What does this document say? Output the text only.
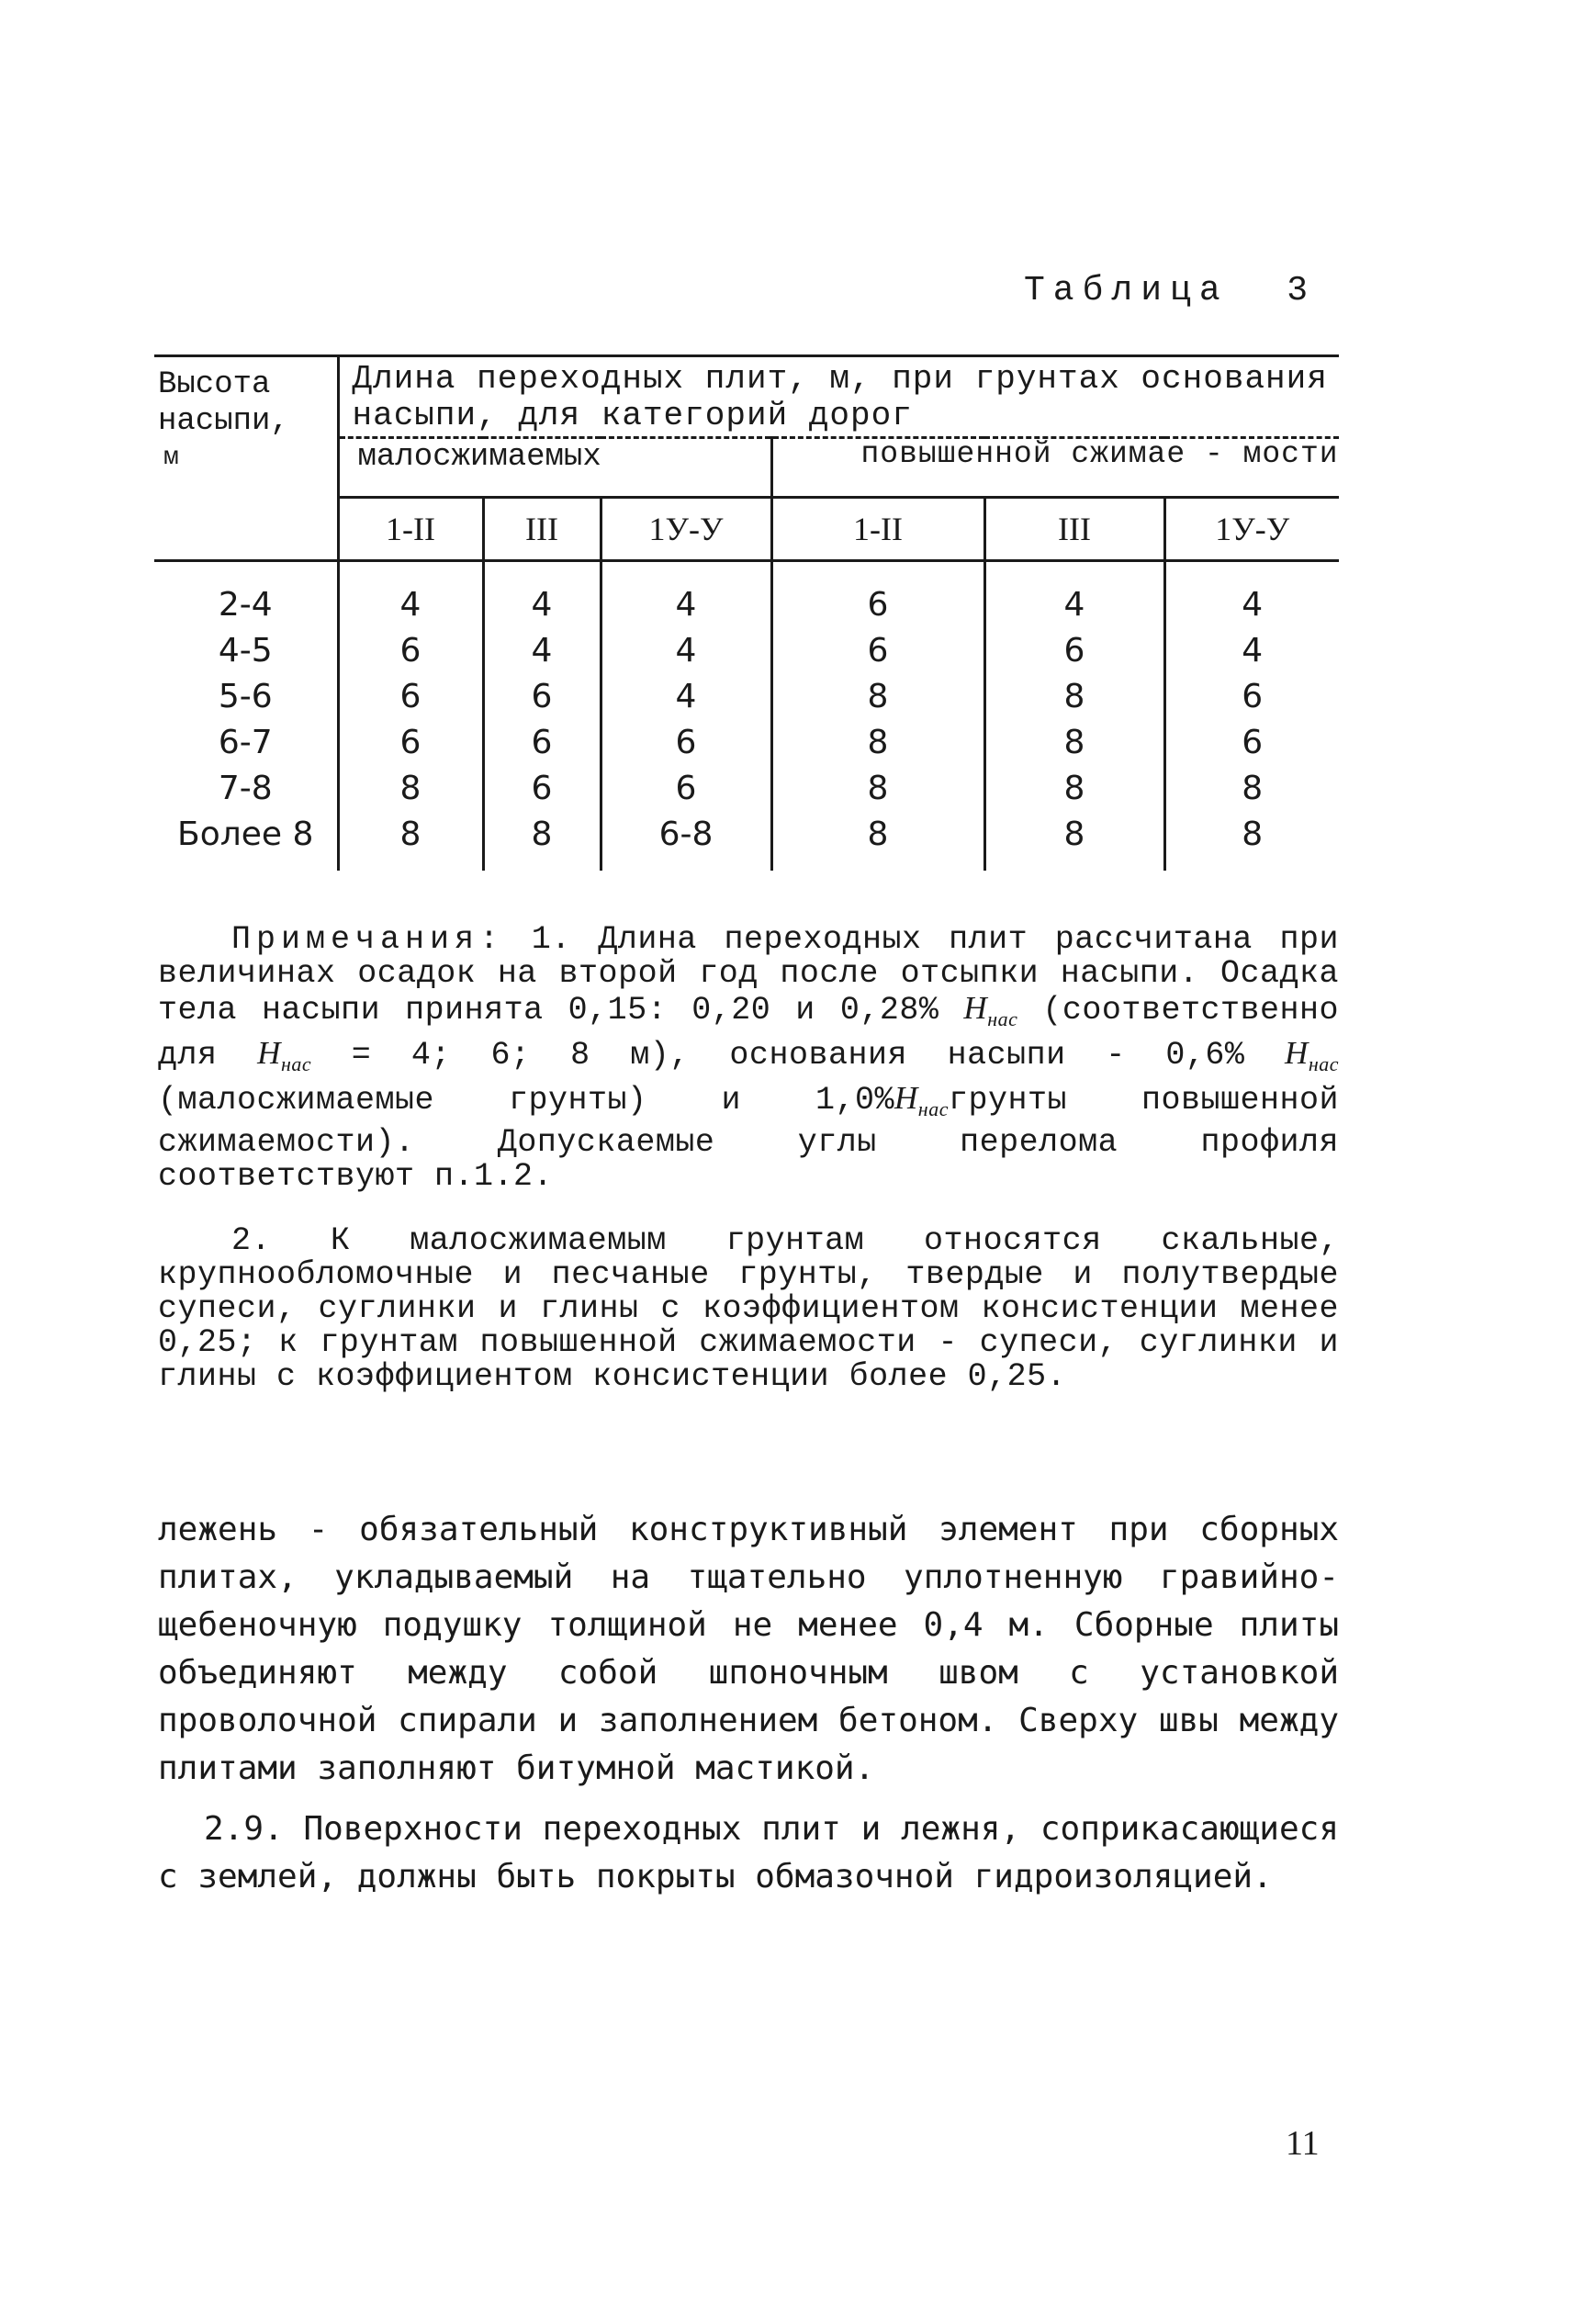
Таблица 3
Высота
насыпи,
м	Длина переходных плит, м, при грунтах основания насыпи, для категорий дорог					
	малосжимаемых			повышенной сжимае - мости		
	1-II	III	1У-У	1-II	III	1У-У
2-4	4	4	4	6	4	4
4-5	6	4	4	6	6	4
5-6	6	6	4	8	8	6
6-7	6	6	6	8	8	6
7-8	8	6	6	8	8	8
Более 8	8	8	6-8	8	8	8

Примечания: 1. Длина переходных плит рассчитана при величинах осадок на второй год после отсыпки насыпи. Осадка тела насыпи принята 0,15: 0,20 и 0,28% $H_{нас}$ (соответственно для $H_{нас} = 4$; 6; 8 м), основания насыпи - 0,6% $H_{нас}$ (малосжимаемые грунты) и $1,0\%H_{нас}грунты$ повышенной сжимаемости). Допускаемые углы перелома профиля соответствуют п.1.2.

2. К малосжимаемым грунтам относятся скальные, крупнообломочные и песчаные грунты, твердые и полутвердые супеси, суглинки и глины с коэффициентом консистенции менее 0,25; к грунтам повышенной сжимаемости - супеси, суглинки и глины с коэффициентом консистенции более 0,25.

лежень - обязательный конструктивный элемент при сборных плитах, укладываемый на тщательно уплотненную гравийно-щебеночную подушку толщиной не менее 0,4 м. Сборные плиты объединяют между собой шпоночным швом с установкой проволочной спирали и заполнением бетоном. Сверху швы между плитами заполняют битумной мастикой.

2.9. Поверхности переходных плит и лежня, соприкасающиеся с землей, должны быть покрыты обмазочной гидроизоляцией.

11
